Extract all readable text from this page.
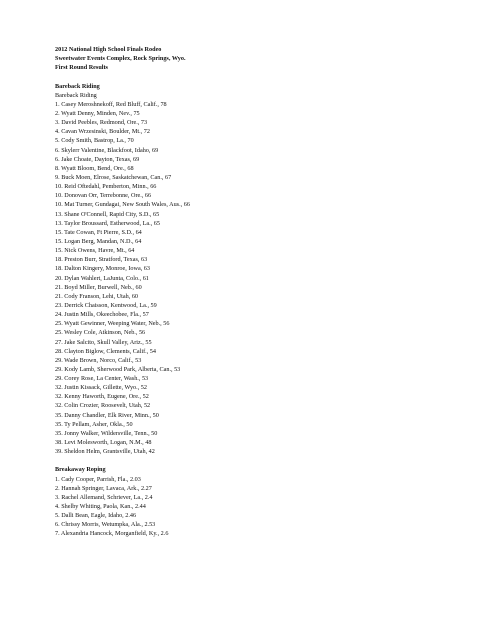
2012 National High School Finals Rodeo
Sweetwater Events Complex, Rock Springs, Wyo.
First Round Results
Bareback Riding
Bareback Riding
1. Casey Meroshnekoff, Red Bluff, Calif., 78
2. Wyatt Denny, Minden, Nev., 75
3. David Peebles, Redmond, Ore., 73
4. Cavan Wrzesinski, Boulder, Mt., 72
5. Cody Smith, Bastrop, La., 70
6. Skylerr Valentine, Blackfoot, Idaho, 69
6. Jake Choate, Dayton, Texas, 69
8. Wyatt Bloom, Bend, Ore., 68
9. Buck Moen, Elrose, Saskatchewan, Can., 67
10. Reid Oftedahl, Pemberton, Minn., 66
10. Donovan Orr, Terrebonne, Ore., 66
10. Mat Turner, Gundagai, New South Wales, Aus., 66
13. Shane O'Connell, Rapid City, S.D., 65
13. Taylor Broussard, Estherwood, La., 65
15. Tate Cowan, Ft Pierre, S.D., 64
15. Logan Berg, Mandan, N.D., 64
15. Nick Owens, Havre, Mt., 64
18. Preston Burr, Stratford, Texas, 63
18. Dalton Kingery, Monroe, Iowa, 63
20. Dylan Wahlert, LaJunta, Colo., 61
21. Boyd Miller, Burwell, Neb., 60
21. Cody Franson, Lehi, Utah, 60
23. Derrick Chaisson, Kentwood, La., 59
24. Justin Mills, Okeechobee, Fla., 57
25. Wyatt Gewinner, Weeping Water, Neb., 56
25. Wesley Cole, Atkinson, Neb., 56
27. Jake Salcito, Skull Valley, Ariz., 55
28. Clayton Biglow, Clements, Calif., 54
29. Wade Brown, Norco, Calif., 53
29. Kody Lamb, Sherwood Park, Alberta, Can., 53
29. Corey Rose, La Center, Wash., 53
32. Justin Kissack, Gillette, Wyo., 52
32. Kenny Haworth, Eugene, Ore., 52
32. Colin Crozier, Roosevelt, Utah, 52
35. Danny Chandler, Elk River, Minn., 50
35. Ty Pellam, Asher, Okla., 50
35. Jonny Walker, Wildersville, Tenn., 50
38. Levi Molesworth, Logan, N.M., 48
39. Sheldon Helm, Grantsville, Utah, 42
Breakaway Roping
1. Cady Cooper, Parrish, Fla., 2.03
2. Hannah Springer, Lavaca, Ark., 2.27
3. Rachel Allemand, Schriever, La., 2.4
4. Shelby Whiting, Paola, Kan., 2.44
5. Dalli Bean, Eagle, Idaho, 2.46
6. Chrissy Morris, Wetumpka, Ala., 2.53
7. Alexandria Hancock, Morganfield, Ky., 2.6
